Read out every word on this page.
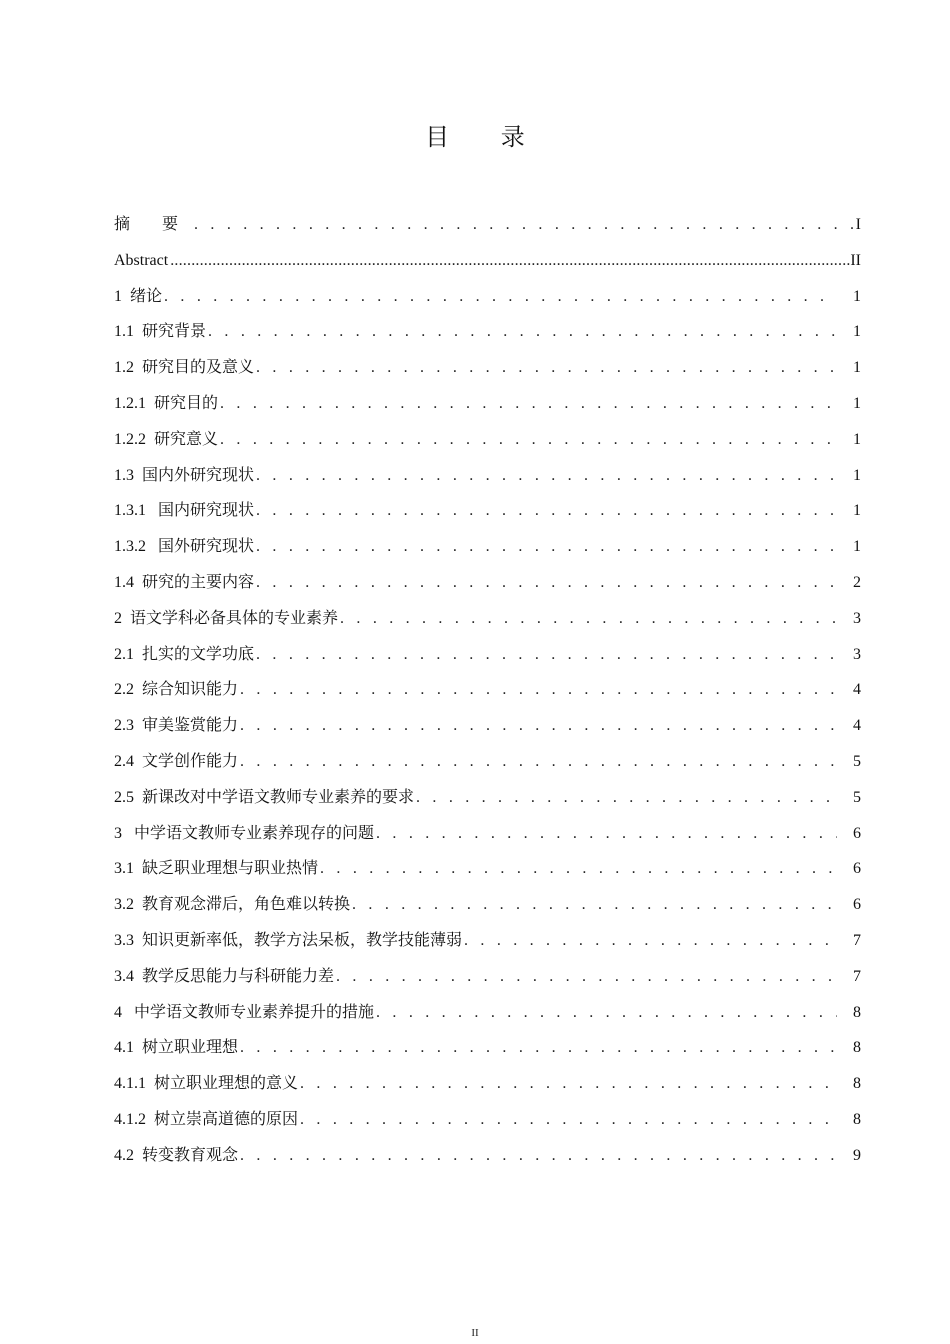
目 录
摘 要 . . .	I
Abstract .....	II
1  绪论 . . .	1
1.1  研究背景 . . .	1
1.2  研究目的及意义 . . .	1
1.2.1  研究目的 . . .	1
1.2.2  研究意义 . . .	1
1.3  国内外研究现状 . . .	1
1.3.1   国内研究现状 . . .	1
1.3.2   国外研究现状 . . .	1
1.4  研究的主要内容 . . .	2
2  语文学科必备具体的专业素养 . . .	3
2.1  扎实的文学功底 . . .	3
2.2  综合知识能力 . . .	4
2.3  审美鉴赏能力 . . .	4
2.4  文学创作能力 . . .	5
2.5  新课改对中学语文教师专业素养的要求 . . .	5
3   中学语文教师专业素养现存的问题 . . .	6
3.1  缺乏职业理想与职业热情 . . .	6
3.2  教育观念滞后，角色难以转换 . . .	6
3.3  知识更新率低，教学方法呆板，教学技能薄弱 . . .	7
3.4  教学反思能力与科研能力差 . . .	7
4   中学语文教师专业素养提升的措施 . . .	8
4.1  树立职业理想 . . .	8
4.1.1  树立职业理想的意义 . . .	8
4.1.2  树立崇高道德的原因 . . .	8
4.2  转变教育观念 . . .	9
II
